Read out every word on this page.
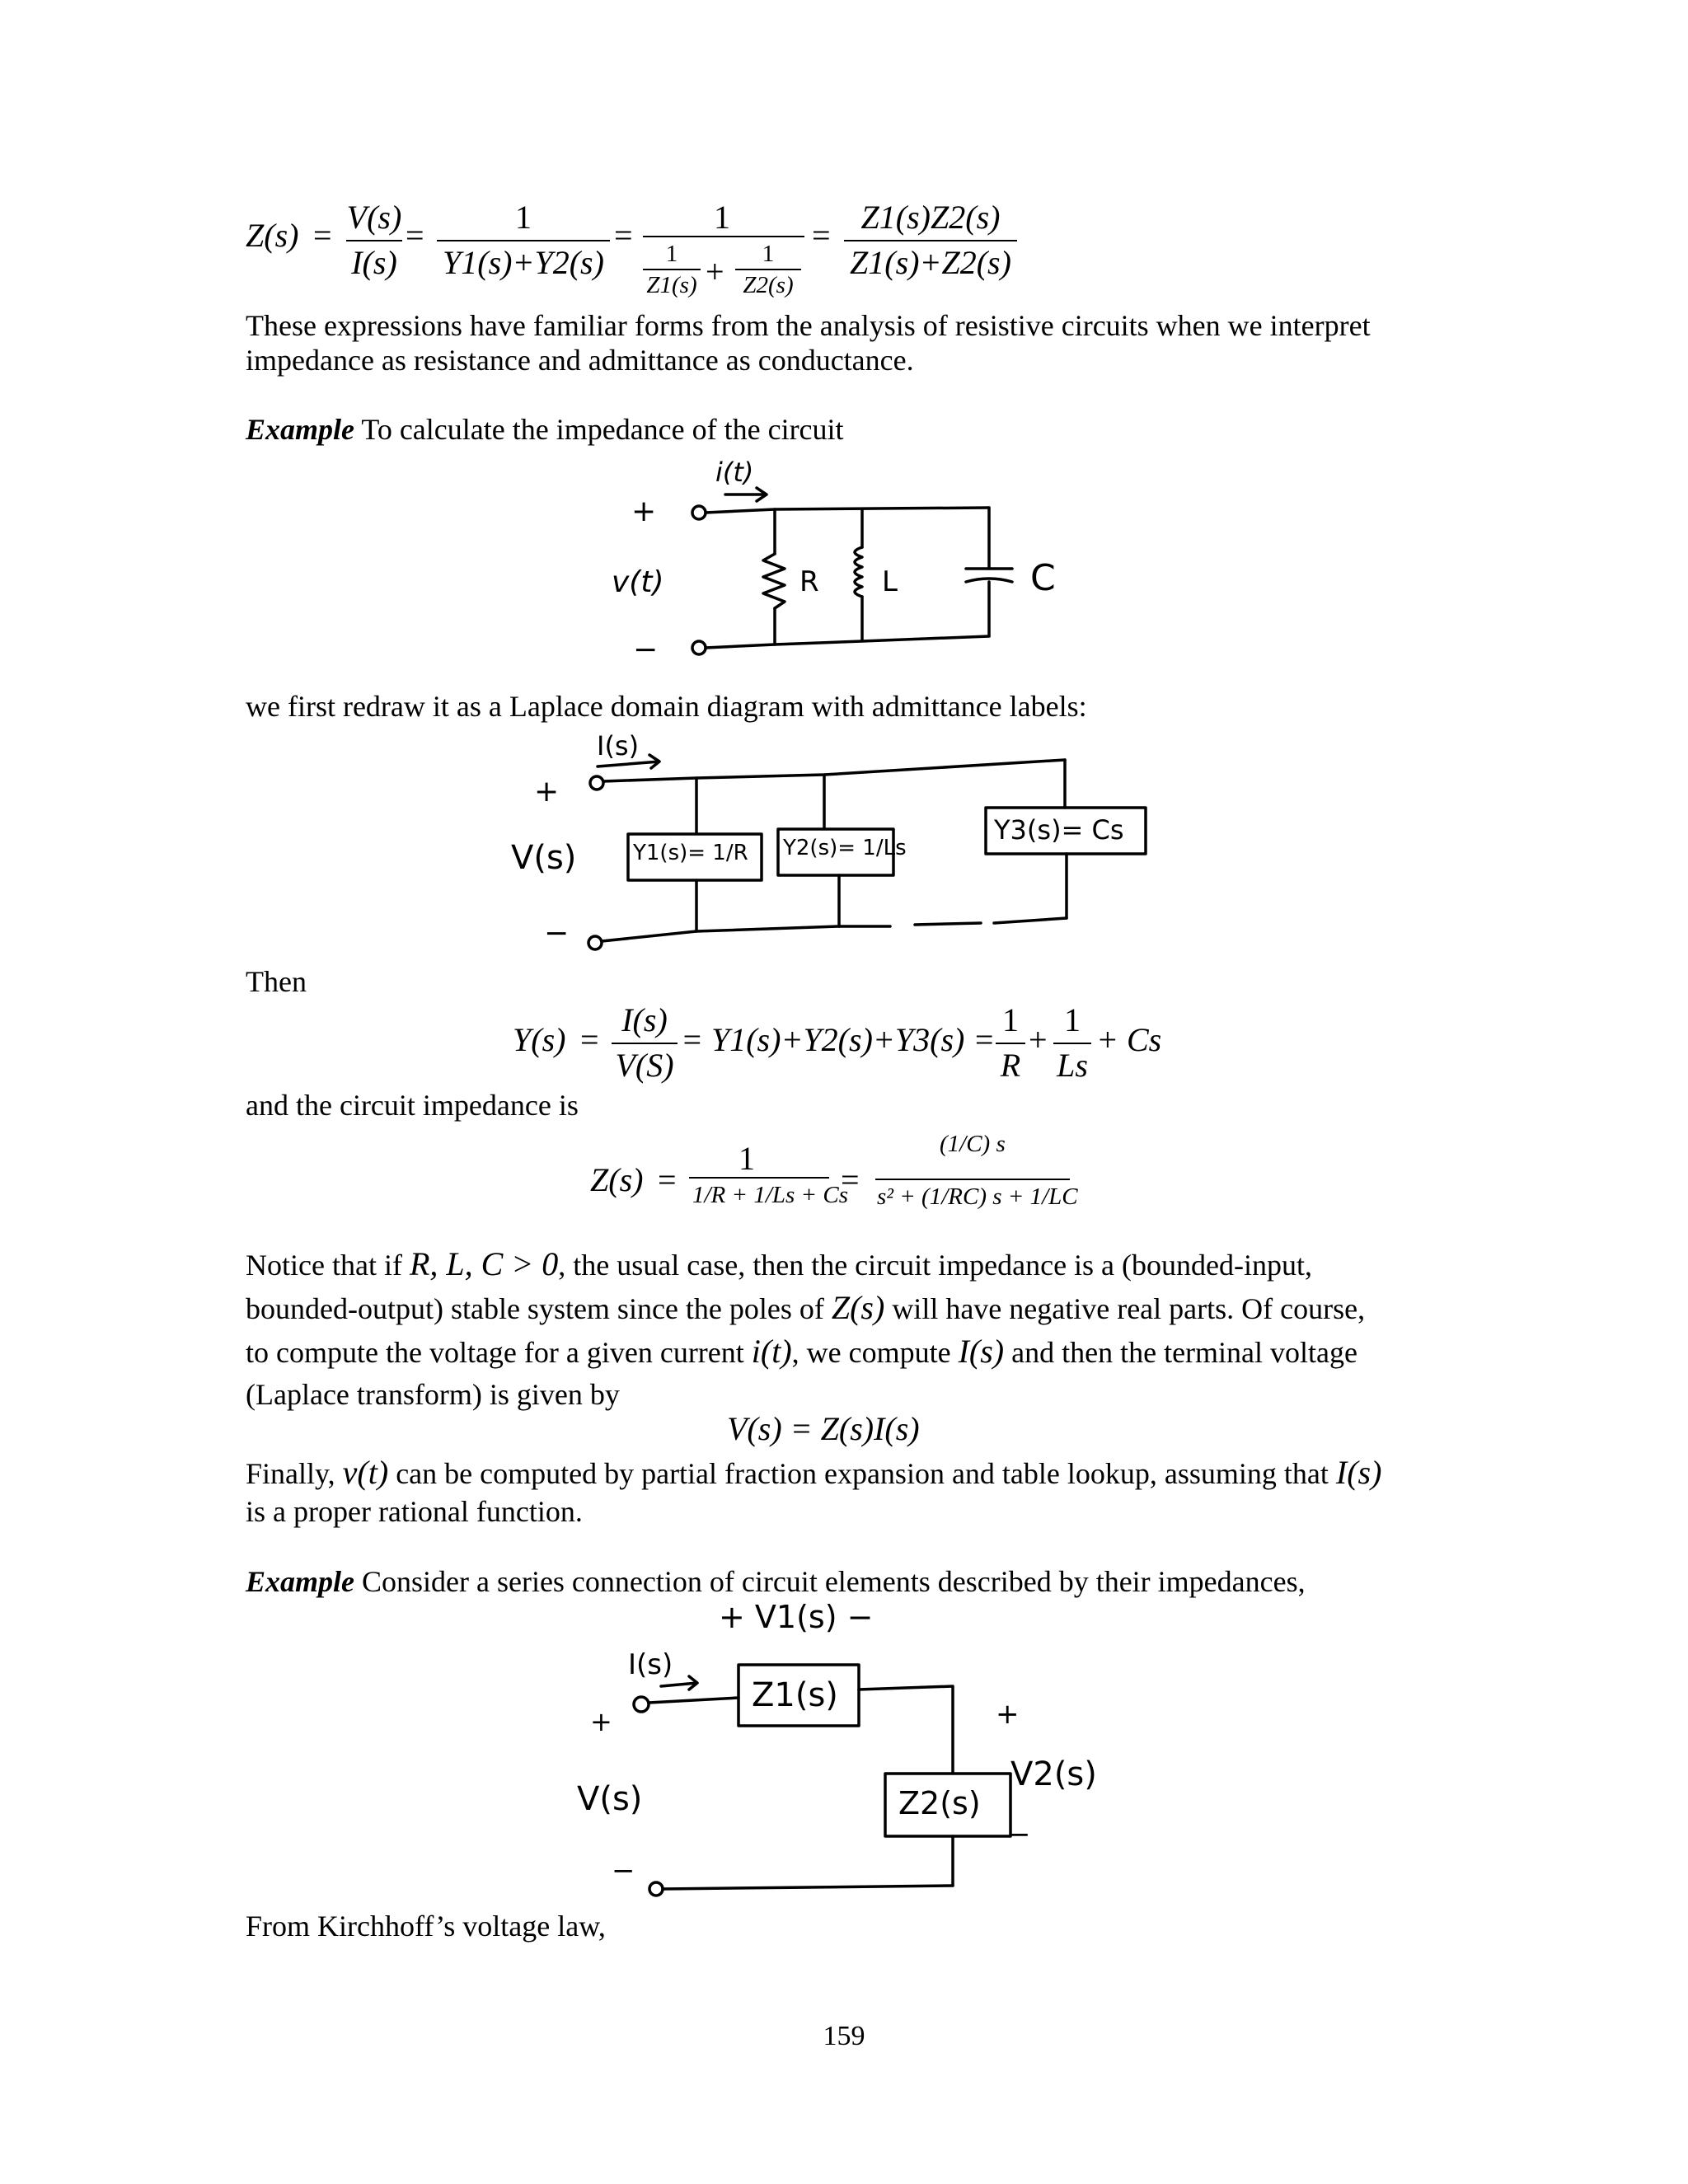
Z(s) = V(s)
I(s)
=	1
Y1(s)+Y2(s)
= 1
1
Z1(s) +	1
Z2(s)
= Z1(s)Z2(s)
Z1(s)+Z2(s)
These expressions have familiar forms from the analysis of resistive circuits when we interpret impedance as resistance and admittance as conductance.
Example To calculate the impedance of the circuit
i(t)
+
v(t)
−
R L	C
we first redraw it as a Laplace domain diagram with admittance labels:
I(s)
+
V(s)
−
Y1(s)= 1/R Y2(s)= 1/Ls
Y3(s)= Cs
Then
Y(s) =
I(s)
V(S)
= Y1(s)+Y2(s)+Y3(s) =
1
R
+
1
Ls
+ Cs
and the circuit impedance is
Z(s) =
1
1/R + 1/Ls + Cs
=
(1/C) s
s² + (1/RC) s + 1/LC
Notice that if R, L, C > 0, the usual case, then the circuit impedance is a (bounded-input,
bounded-output) stable system since the poles of Z(s) will have negative real parts. Of course,
to compute the voltage for a given current i(t), we compute I(s) and then the terminal voltage
(Laplace transform) is given by
V(s) = Z(s)I(s)
Finally, v(t) can be computed by partial fraction expansion and table lookup, assuming that I(s)
is a proper rational function.
Example Consider a series connection of circuit elements described by their impedances,
+ V1(s) −
I(s)
+
V(s)
−
Z1(s)
Z2(s)
+
V2(s)
−
From Kirchhoff’s voltage law,
159
